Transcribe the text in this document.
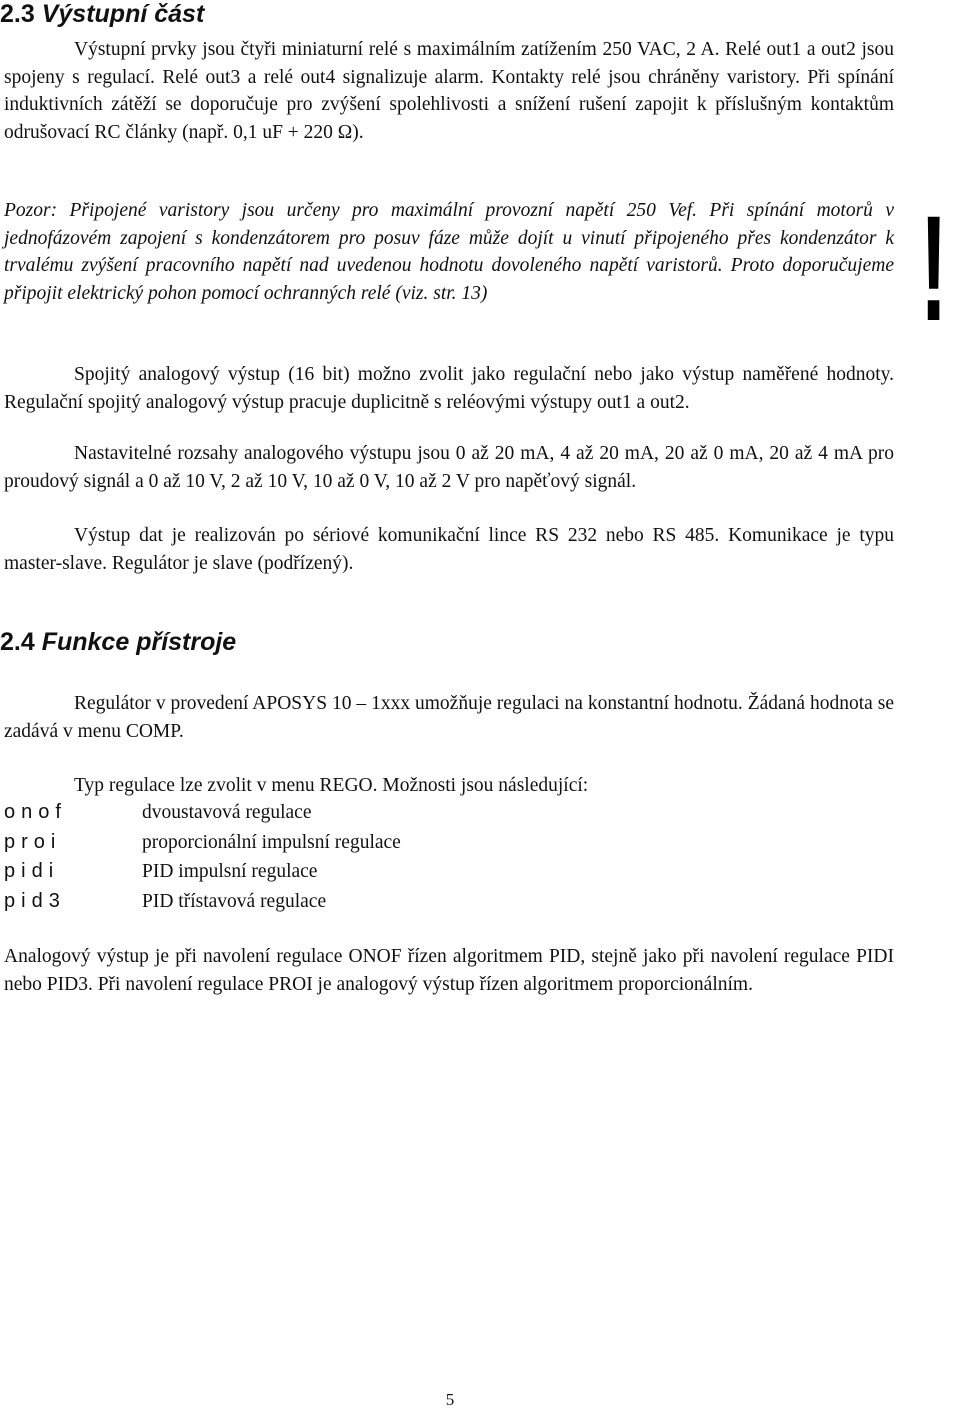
2.3 Výstupní část

Výstupní prvky jsou čtyři miniaturní relé s maximálním zatížením 250 VAC, 2 A. Relé out1 a out2 jsou spojeny s regulací. Relé out3 a relé out4 signalizuje alarm. Kontakty relé jsou chráněny varistory. Při spínání induktivních zátěží se doporučuje pro zvýšení spolehlivosti a snížení rušení zapojit k příslušným kontaktům odrušovací RC články (např. 0,1 uF + 220 Ω).

Pozor: Připojené varistory jsou určeny pro maximální provozní napětí 250 Vef. Při spínání motorů v jednofázovém zapojení s kondenzátorem pro posuv fáze může dojít u vinutí připojeného přes kondenzátor k trvalému zvýšení pracovního napětí nad uvedenou hodnotu dovoleného napětí varistorů. Proto doporučujeme připojit elektrický pohon pomocí ochranných relé (viz. str. 13)	!

Spojitý analogový výstup (16 bit) možno zvolit jako regulační nebo jako výstup naměřené hodnoty. Regulační spojitý analogový výstup pracuje duplicitně s reléovými výstupy out1 a out2.

Nastavitelné rozsahy analogového výstupu jsou 0 až 20 mA, 4 až 20 mA, 20 až 0 mA, 20 až 4 mA pro proudový signál a 0 až 10 V, 2 až 10 V, 10 až 0 V, 10 až 2 V pro napěťový signál.

Výstup dat je realizován po sériové komunikační lince RS 232 nebo RS 485. Komunikace je typu master-slave. Regulátor je slave (podřízený).

2.4 Funkce přístroje

Regulátor v provedení APOSYS 10 – 1xxx umožňuje regulaci na konstantní hodnotu. Žádaná hodnota se zadává v menu COMP.

Typ regulace lze zvolit v menu REGO. Možnosti jsou následující:

onof	dvoustavová regulace
proi	proporcionální impulsní regulace
pidi	PID impulsní regulace
pid3	PID třístavová regulace

Analogový výstup je při navolení regulace ONOF řízen algoritmem PID, stejně jako při navolení regulace PIDI nebo PID3. Při navolení regulace PROI je analogový výstup řízen algoritmem proporcionálním.

5
